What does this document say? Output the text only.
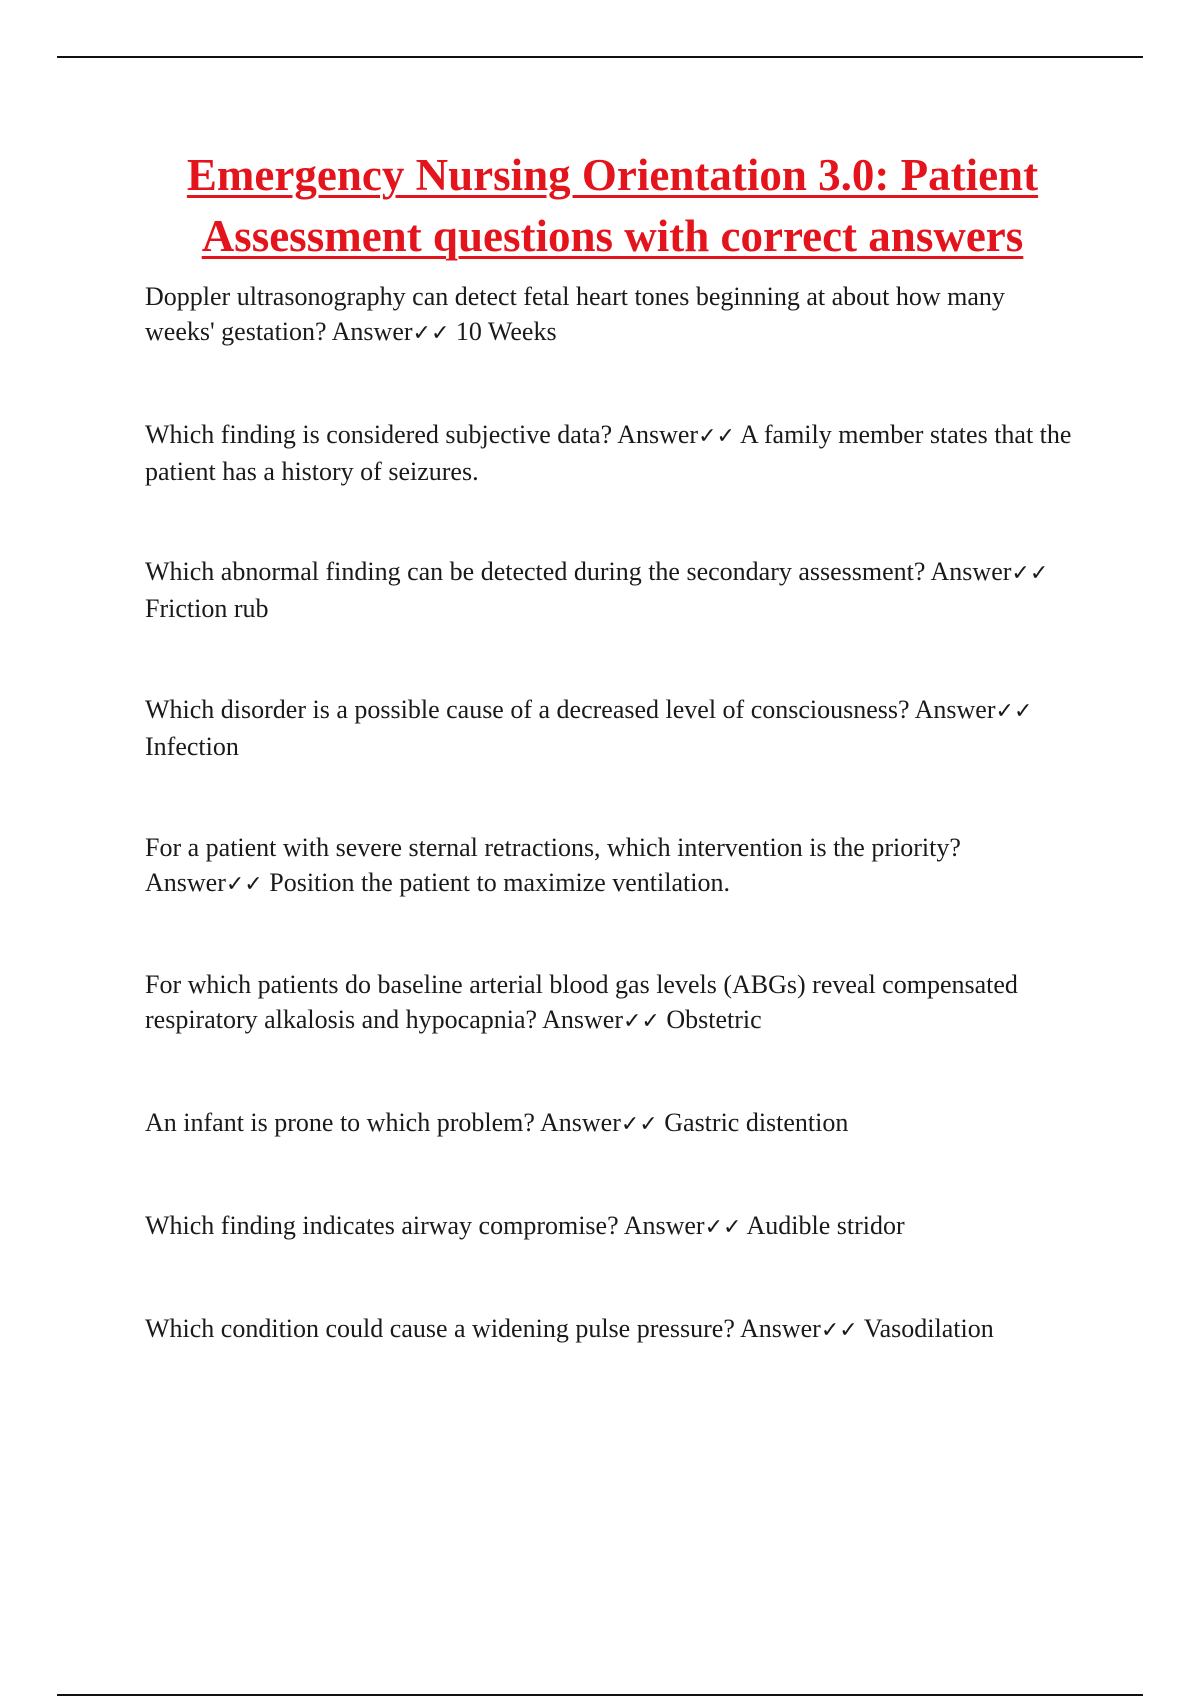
Emergency Nursing Orientation 3.0: Patient Assessment questions with correct answers
Doppler ultrasonography can detect fetal heart tones beginning at about how many weeks' gestation? Answer✓✓ 10 Weeks
Which finding is considered subjective data? Answer✓✓ A family member states that the patient has a history of seizures.
Which abnormal finding can be detected during the secondary assessment? Answer✓✓ Friction rub
Which disorder is a possible cause of a decreased level of consciousness? Answer✓✓ Infection
For a patient with severe sternal retractions, which intervention is the priority? Answer✓✓ Position the patient to maximize ventilation.
For which patients do baseline arterial blood gas levels (ABGs) reveal compensated respiratory alkalosis and hypocapnia? Answer✓✓ Obstetric
An infant is prone to which problem? Answer✓✓ Gastric distention
Which finding indicates airway compromise? Answer✓✓ Audible stridor
Which condition could cause a widening pulse pressure? Answer✓✓ Vasodilation
